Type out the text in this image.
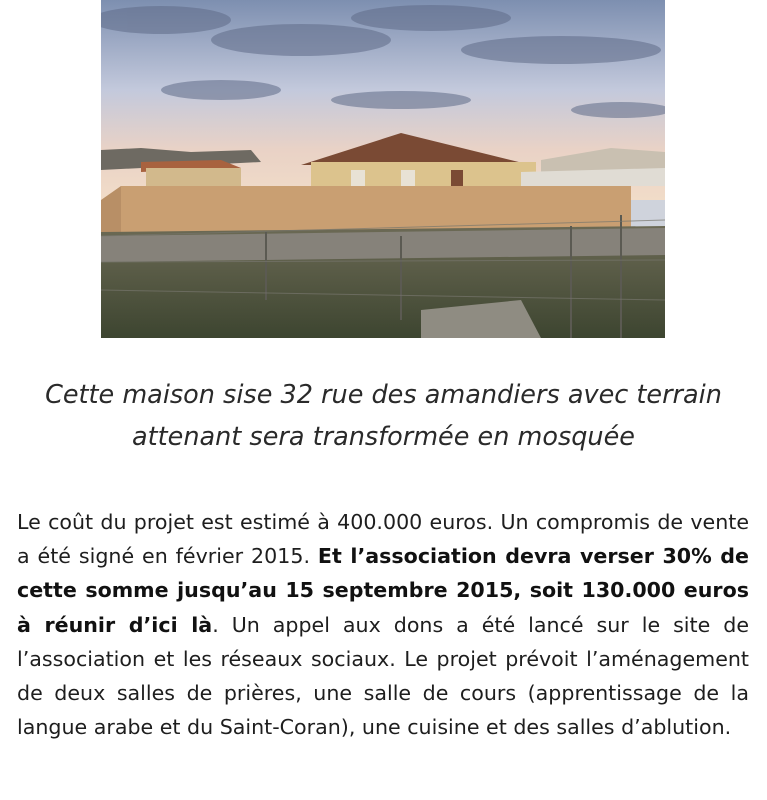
Cette maison sise 32 rue des amandiers avec terrain
attenant sera transformée en mosquée
Le coût du projet est estimé à 400.000 euros. Un compromis de vente a été signé en février 2015. Et l’association devra verser 30% de cette somme jusqu’au 15 septembre 2015, soit 130.000 euros à réunir d’ici là. Un appel aux dons a été lancé sur le site de l’association et les réseaux sociaux. Le projet prévoit l’aménagement de deux salles de prières, une salle de cours (apprentissage de la langue arabe et du Saint-Coran), une cuisine et des salles d’ablution.
